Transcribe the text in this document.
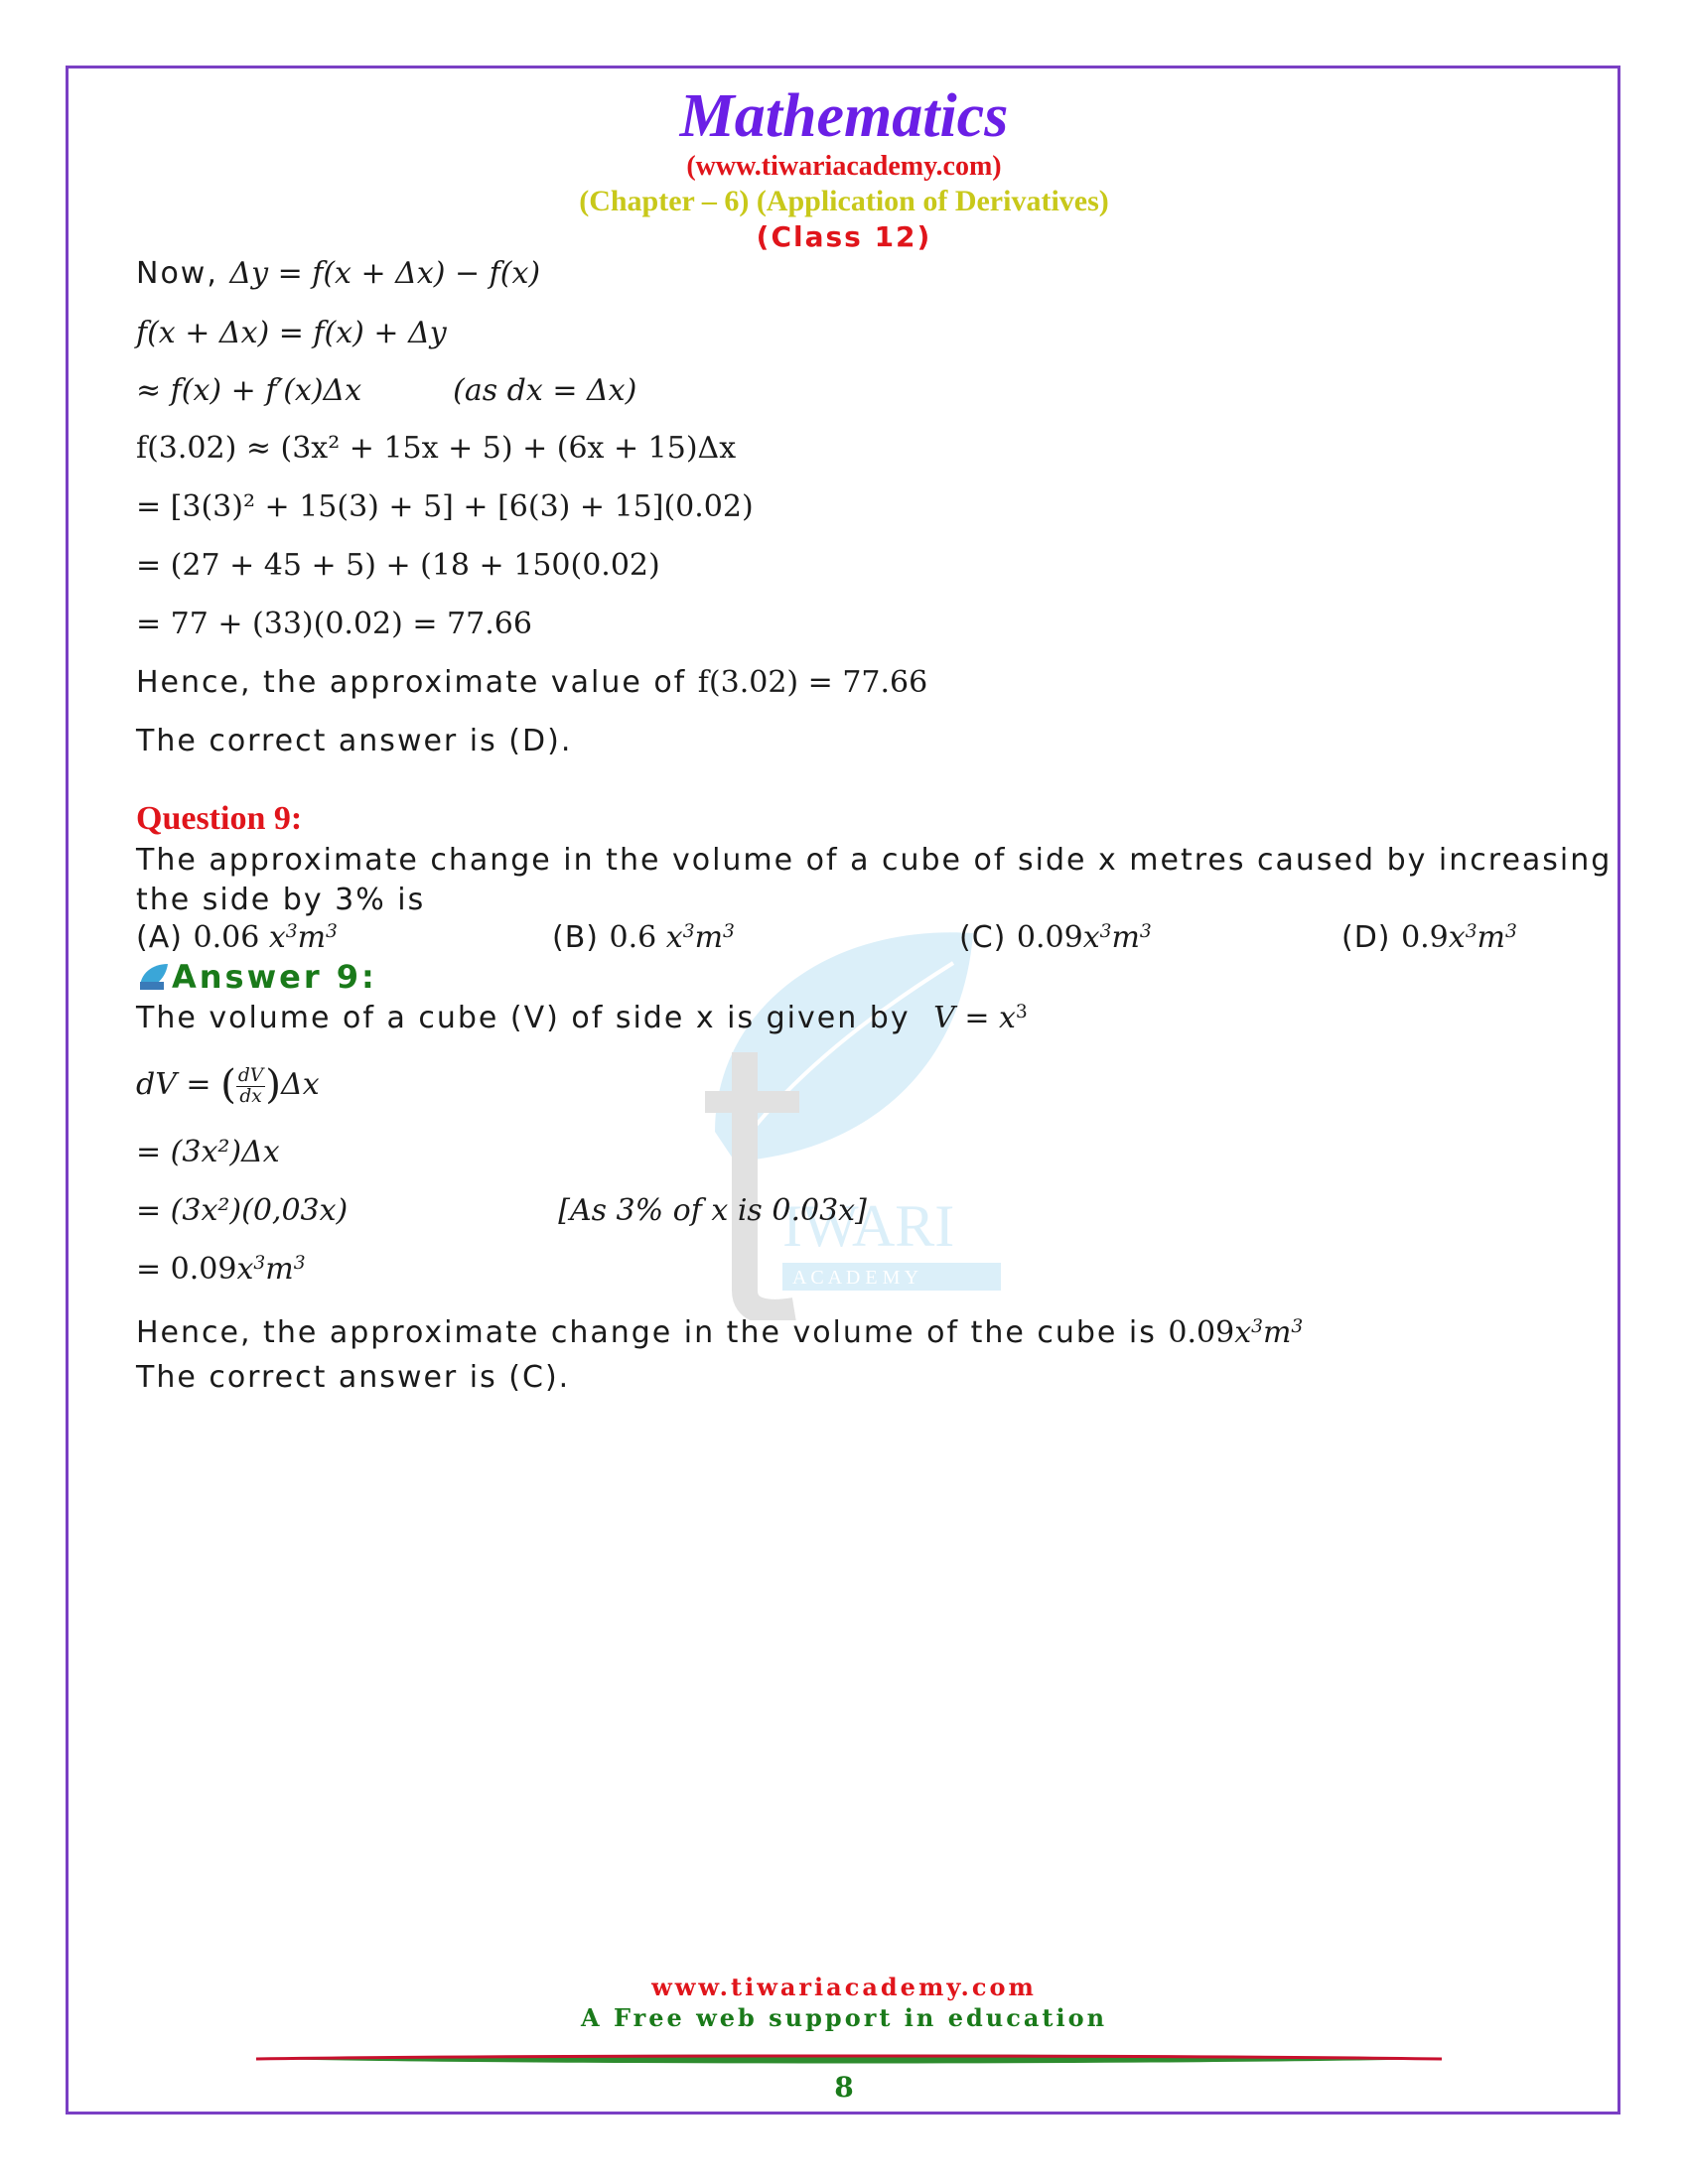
Mathematics
(www.tiwariacademy.com)
(Chapter – 6) (Application of Derivatives)
(Class 12)
IWARI
A C A D E M Y
Now, Δy = f(x + Δx) − f(x)
f(x + Δx) = f(x) + Δy
≈ f(x) + f′(x)Δx	(as dx = Δx)
f(3.02) ≈ (3x² + 15x + 5) + (6x + 15)Δx
= [3(3)² + 15(3) + 5] + [6(3) + 15](0.02)
= (27 + 45 + 5) + (18 + 150(0.02)
= 77 + (33)(0.02) = 77.66
Hence, the approximate value of f(3.02) = 77.66
The correct answer is (D).
Question 9:
The approximate change in the volume of a cube of side x metres caused by increasing
the side by 3% is
(A) 0.06 $x^3m^3$	(B) 0.6 $x^3m^3$	(C) $0.09x^3m^3$	(D) $0.9x^3m^3$
Answer 9:
The volume of a cube (V) of side x is given by $V = x^3$
dV = ( $\frac{dV}{dx} )\Delta x$
= (3x²)Δx
= (3x²)(0,03x)	[As 3% of x is 0.03x]
= $0.09x^3m^3$
Hence, the approximate change in the volume of the cube is $0.09x^3m^3$
The correct answer is (C).
www.tiwariacademy.com
A Free web support in education
8
